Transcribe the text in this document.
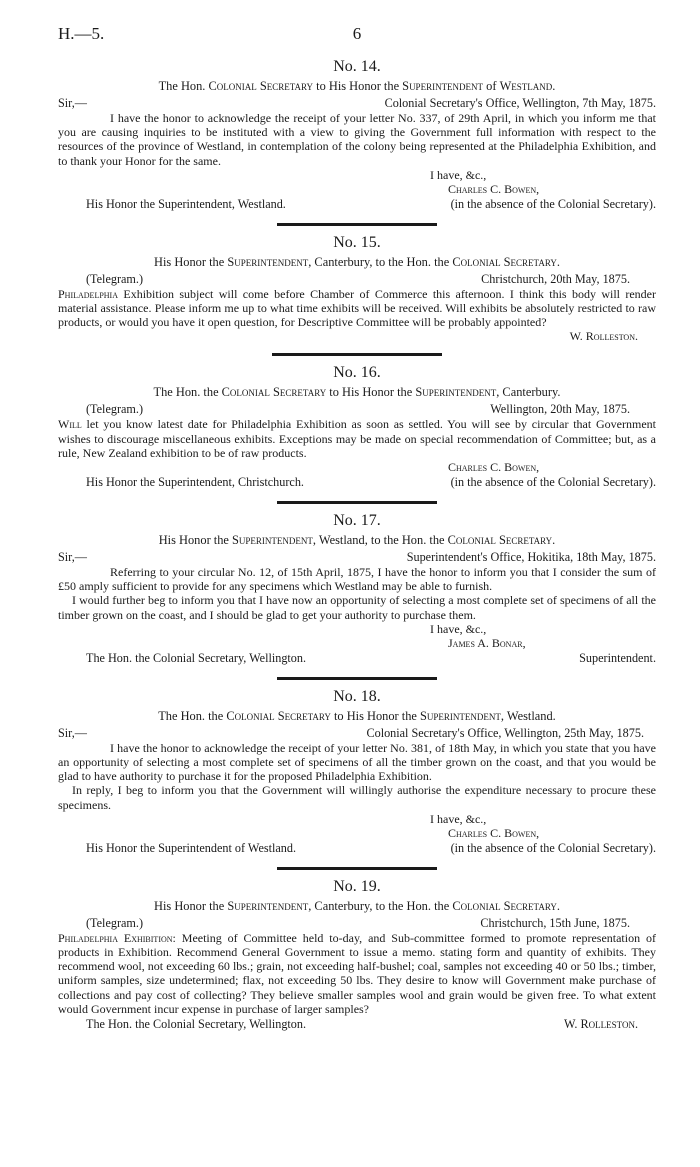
H.—5.	6
No. 14.
The Hon. Colonial Secretary to His Honor the Superintendent of Westland.
Sir,—	Colonial Secretary's Office, Wellington, 7th May, 1875.

I have the honor to acknowledge the receipt of your letter No. 337, of 29th April, in which you inform me that you are causing inquiries to be instituted with a view to giving the Government full information with respect to the resources of the province of Westland, in contemplation of the colony being represented at the Philadelphia Exhibition, and to thank your Honor for the same.

I have, &c.,
Charles C. Bowen,
His Honor the Superintendent, Westland.	(in the absence of the Colonial Secretary).
No. 15.
His Honor the Superintendent, Canterbury, to the Hon. the Colonial Secretary.
(Telegram.)	Christchurch, 20th May, 1875.

Philadelphia Exhibition subject will come before Chamber of Commerce this afternoon. I think this body will render material assistance. Please inform me up to what time exhibits will be received. Will exhibits be absolutely restricted to raw products, or would you have it open question, for Descriptive Committee will be probably appointed?

W. Rolleston.
No. 16.
The Hon. the Colonial Secretary to His Honor the Superintendent, Canterbury.
(Telegram.)	Wellington, 20th May, 1875.

Will let you know latest date for Philadelphia Exhibition as soon as settled. You will see by circular that Government wishes to discourage miscellaneous exhibits. Exceptions may be made on special recommendation of Committee; but, as a rule, New Zealand exhibition to be of raw products.

Charles C. Bowen,
His Honor the Superintendent, Christchurch.	(in the absence of the Colonial Secretary).
No. 17.
His Honor the Superintendent, Westland, to the Hon. the Colonial Secretary.
Sir,—	Superintendent's Office, Hokitika, 18th May, 1875.

Referring to your circular No. 12, of 15th April, 1875, I have the honor to inform you that I consider the sum of £50 amply sufficient to provide for any specimens which Westland may be able to furnish.

I would further beg to inform you that I have now an opportunity of selecting a most complete set of specimens of all the timber grown on the coast, and I should be glad to get your authority to purchase them.

I have, &c.,
James A. Bonar,
The Hon. the Colonial Secretary, Wellington.	Superintendent.
No. 18.
The Hon. the Colonial Secretary to His Honor the Superintendent, Westland.
Sir,—	Colonial Secretary's Office, Wellington, 25th May, 1875.

I have the honor to acknowledge the receipt of your letter No. 381, of 18th May, in which you state that you have an opportunity of selecting a most complete set of specimens of all the timber grown on the coast, and that you would be glad to have authority to purchase it for the proposed Philadelphia Exhibition.

In reply, I beg to inform you that the Government will willingly authorise the expenditure necessary to procure these specimens.

I have, &c.,
Charles C. Bowen,
His Honor the Superintendent of Westland.	(in the absence of the Colonial Secretary).
No. 19.
His Honor the Superintendent, Canterbury, to the Hon. the Colonial Secretary.
(Telegram.)	Christchurch, 15th June, 1875.

Philadelphia Exhibition: Meeting of Committee held to-day, and Sub-committee formed to promote representation of products in Exhibition. Recommend General Government to issue a memo. stating form and quantity of exhibits. They recommend wool, not exceeding 60 lbs.; grain, not exceeding half-bushel; coal, samples not exceeding 40 or 50 lbs.; timber, uniform samples, size undetermined; flax, not exceeding 50 lbs. They desire to know will Government make purchase of collections and pay cost of collecting? They believe smaller samples wool and grain would be given free. To what extent would Government incur expense in purchase of larger samples?

The Hon. the Colonial Secretary, Wellington.	W. Rolleston.
